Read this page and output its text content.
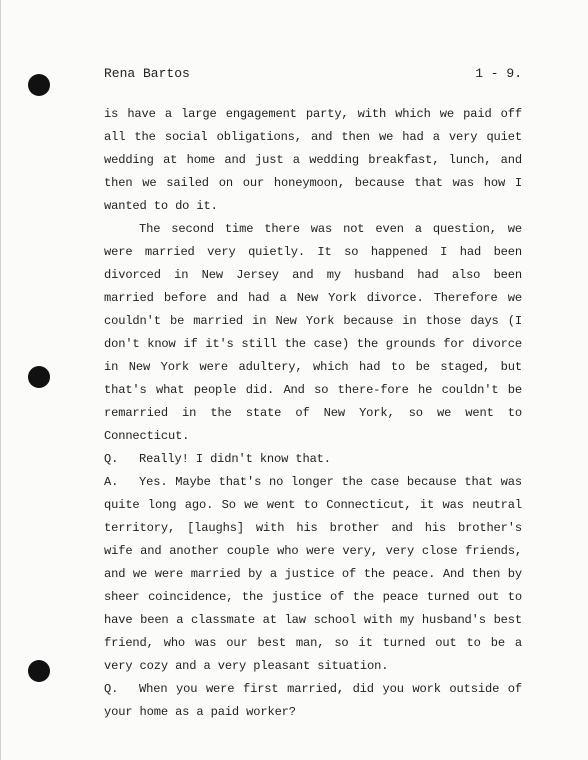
Rena Bartos	1 - 9.

is have a large engagement party, with which we paid off all the social obligations, and then we had a very quiet wedding at home and just a wedding breakfast, lunch, and then we sailed on our honeymoon, because that was how I wanted to do it.

The second time there was not even a question, we were married very quietly. It so happened I had been divorced in New Jersey and my husband had also been married before and had a New York divorce. Therefore we couldn't be married in New York because in those days (I don't know if it's still the case) the grounds for divorce in New York were adultery, which had to be staged, but that's what people did. And so there-fore he couldn't be remarried in the state of New York, so we went to Connecticut.

Q. Really! I didn't know that.

A. Yes. Maybe that's no longer the case because that was quite long ago. So we went to Connecticut, it was neutral territory, [laughs] with his brother and his brother's wife and another couple who were very, very close friends, and we were married by a justice of the peace. And then by sheer coincidence, the justice of the peace turned out to have been a classmate at law school with my husband's best friend, who was our best man, so it turned out to be a very cozy and a very pleasant situation.

Q. When you were first married, did you work outside of your home as a paid worker?
